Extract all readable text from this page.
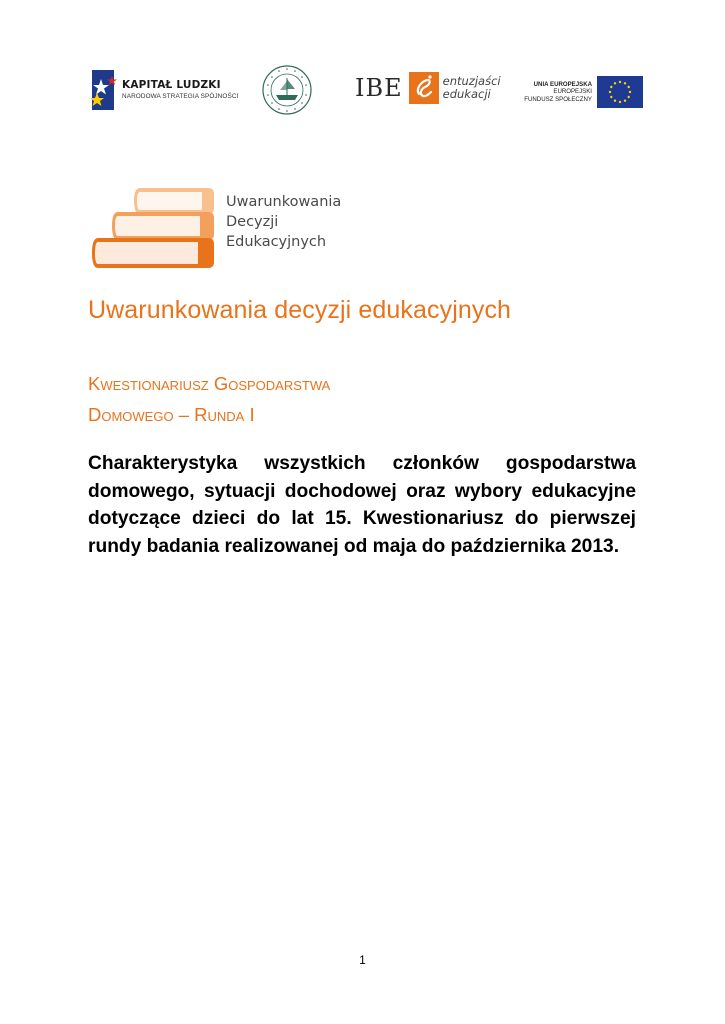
KAPITAŁ LUDZKI
NARODOWA STRATEGIA SPÓJNOŚCI	IBE	entuzjaści
edukacji
UNIA EUROPEJSKA
EUROPEJSKI
FUNDUSZ SPOŁECZNY
Uwarunkowania
Decyzji
Edukacyjnych
Uwarunkowania decyzji edukacyjnych
Kwestionariusz Gospodarstwa
Domowego – Runda I

Charakterystyka wszystkich członków gospodarstwa domowego, sytuacji dochodowej oraz wybory edukacyjne dotyczące dzieci do lat 15. Kwestionariusz do pierwszej rundy badania realizowanej od maja do października 2013.

1
